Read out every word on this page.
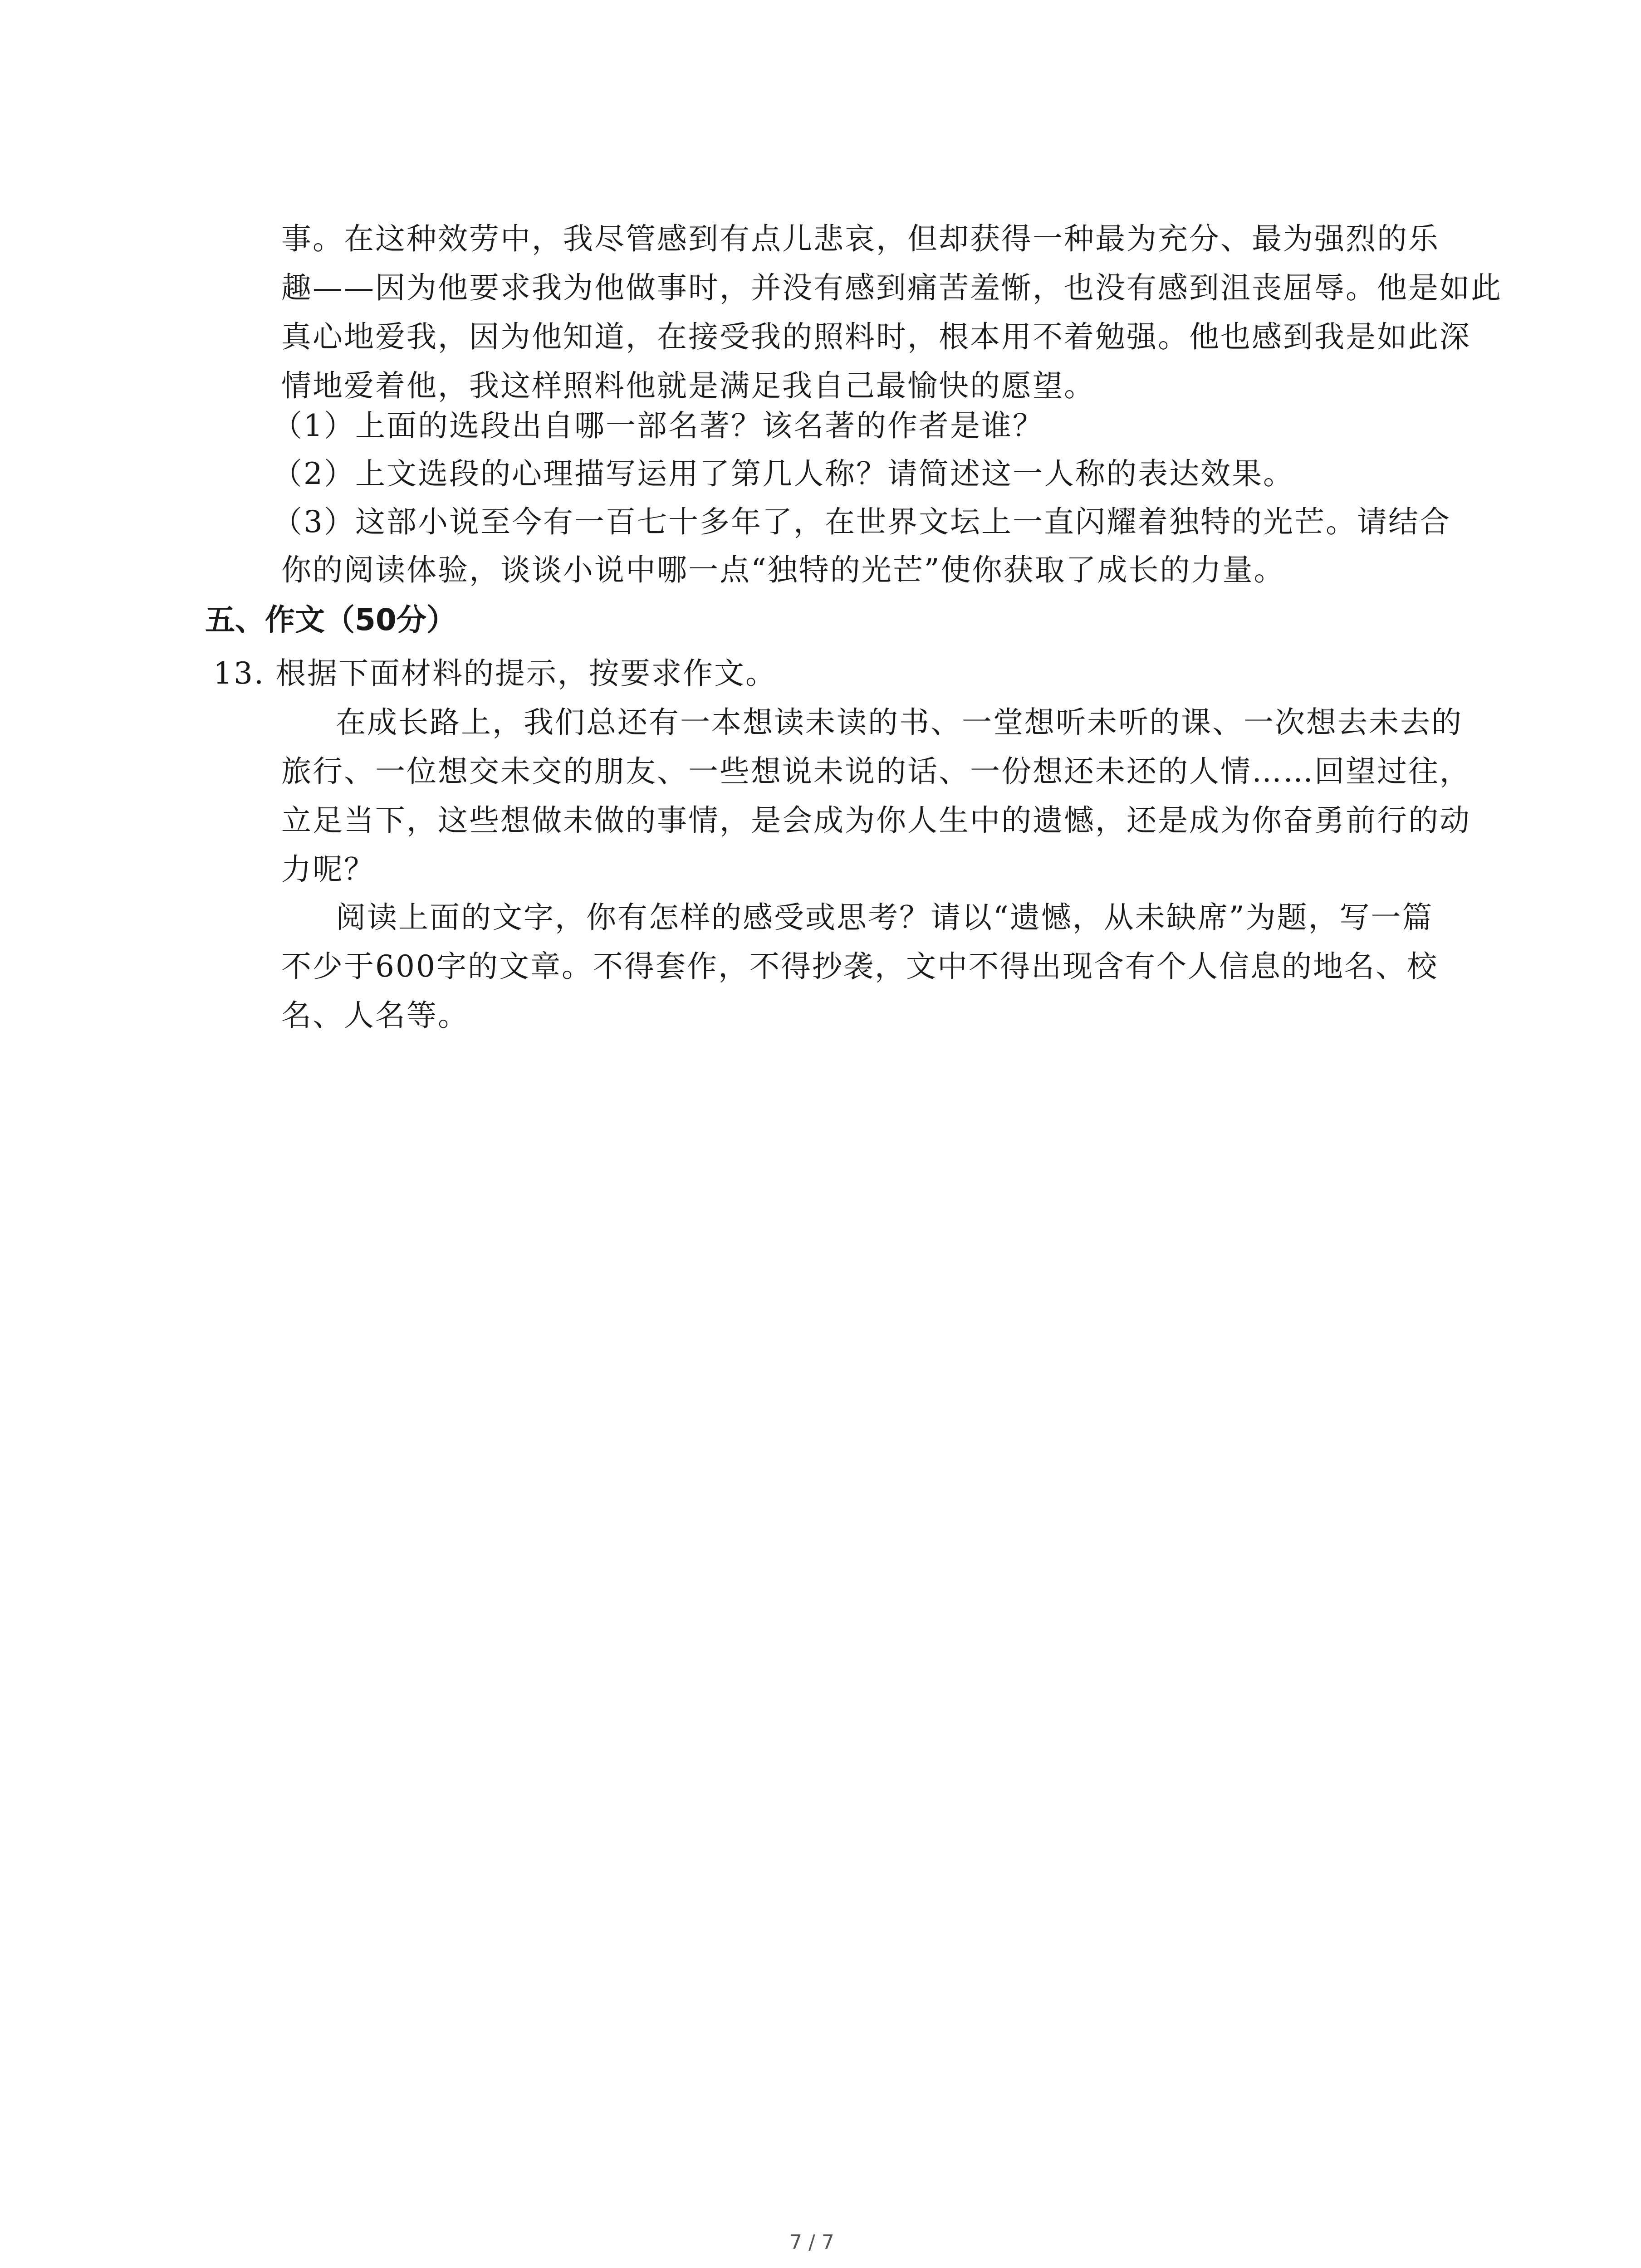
事。在这种效劳中，我尽管感到有点儿悲哀，但却获得一种最为充分、最为强烈的乐
趣——因为他要求我为他做事时，并没有感到痛苦羞惭，也没有感到沮丧屈辱。他是如此
真心地爱我，因为他知道，在接受我的照料时，根本用不着勉强。他也感到我是如此深
情地爱着他，我这样照料他就是满足我自己最愉快的愿望。
（1）上面的选段出自哪一部名著？该名著的作者是谁？
（2）上文选段的心理描写运用了第几人称？请简述这一人称的表达效果。
（3）这部小说至今有一百七十多年了，在世界文坛上一直闪耀着独特的光芒。请结合
你的阅读体验，谈谈小说中哪一点“独特的光芒”使你获取了成长的力量。
五、作文（50分）
13. 根据下面材料的提示，按要求作文。
在成长路上，我们总还有一本想读未读的书、一堂想听未听的课、一次想去未去的
旅行、一位想交未交的朋友、一些想说未说的话、一份想还未还的人情……回望过往，
立足当下，这些想做未做的事情，是会成为你人生中的遗憾，还是成为你奋勇前行的动
力呢？
阅读上面的文字，你有怎样的感受或思考？请以“遗憾，从未缺席”为题，写一篇
不少于600字的文章。不得套作，不得抄袭，文中不得出现含有个人信息的地名、校
名、人名等。
7 / 7
